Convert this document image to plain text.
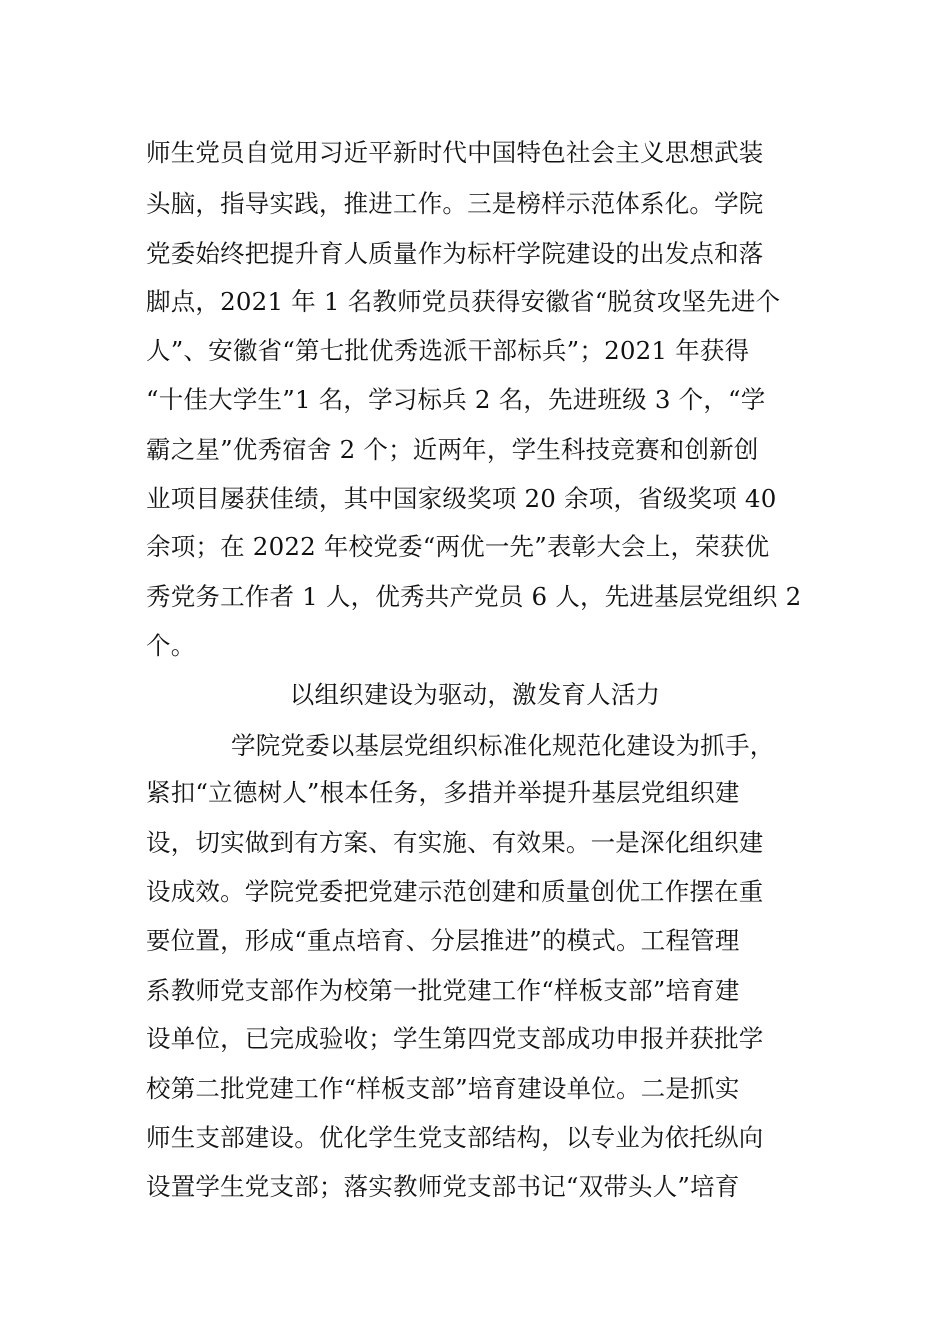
师生党员自觉用习近平新时代中国特色社会主义思想武装
头脑，指导实践，推进工作。三是榜样示范体系化。学院
党委始终把提升育人质量作为标杆学院建设的出发点和落
脚点，2021 年 1 名教师党员获得安徽省“脱贫攻坚先进个
人”、安徽省“第七批优秀选派干部标兵”；2021 年获得
“十佳大学生”1 名，学习标兵 2 名，先进班级 3 个，“学
霸之星”优秀宿舍 2 个；近两年，学生科技竞赛和创新创
业项目屡获佳绩，其中国家级奖项 20 余项，省级奖项 40
余项；在 2022 年校党委“两优一先”表彰大会上，荣获优
秀党务工作者 1 人，优秀共产党员 6 人，先进基层党组织 2
个。
以组织建设为驱动，激发育人活力
学院党委以基层党组织标准化规范化建设为抓手，
紧扣“立德树人”根本任务，多措并举提升基层党组织建
设，切实做到有方案、有实施、有效果。一是深化组织建
设成效。学院党委把党建示范创建和质量创优工作摆在重
要位置，形成“重点培育、分层推进”的模式。工程管理
系教师党支部作为校第一批党建工作“样板支部”培育建
设单位，已完成验收；学生第四党支部成功申报并获批学
校第二批党建工作“样板支部”培育建设单位。二是抓实
师生支部建设。优化学生党支部结构，以专业为依托纵向
设置学生党支部；落实教师党支部书记“双带头人”培育
